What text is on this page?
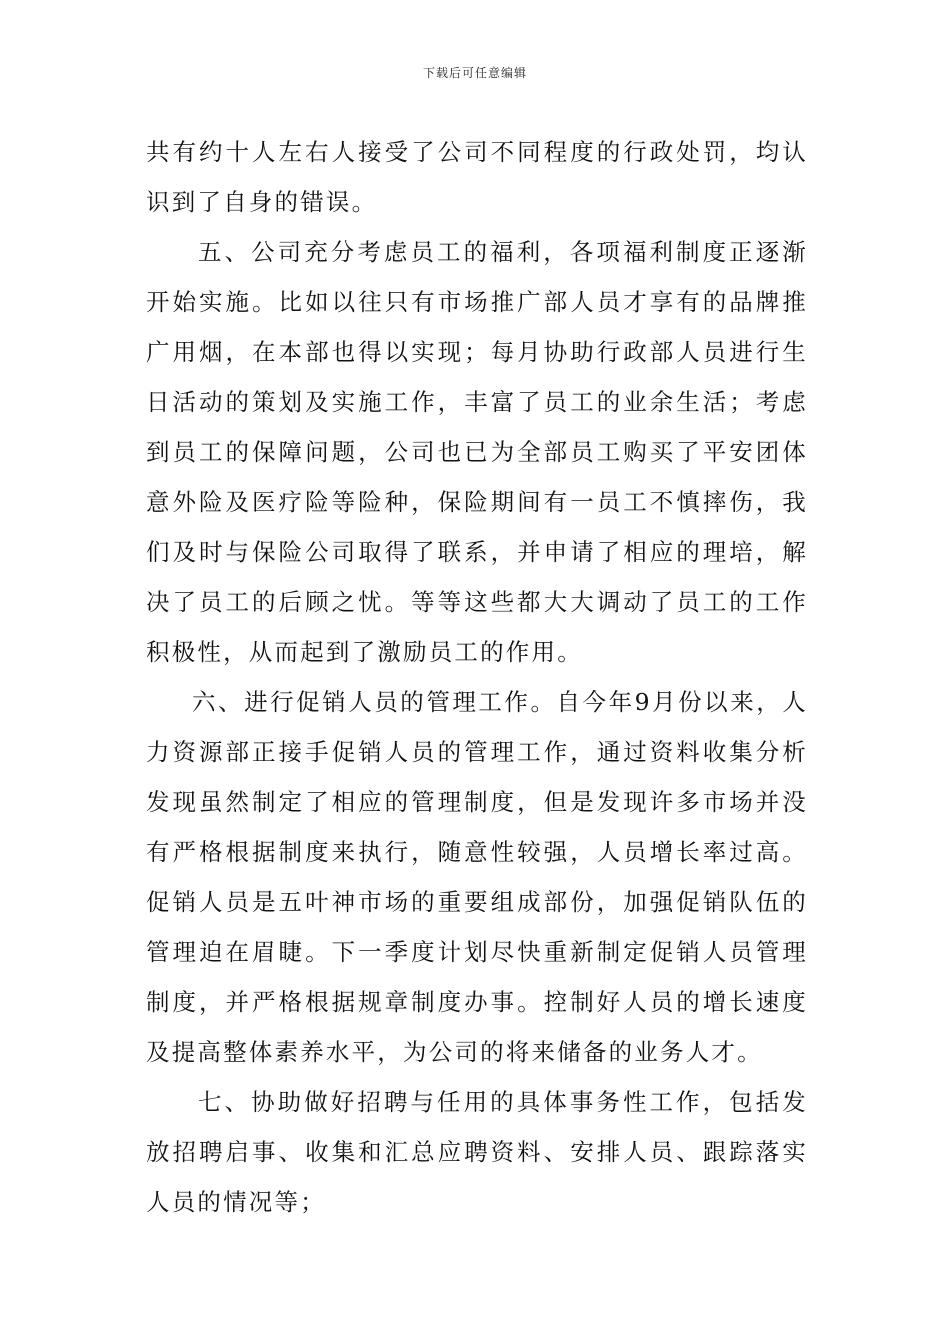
下载后可任意编辑

共有约十人左右人接受了公司不同程度的行政处罚，均认识到了自身的错误。

五、公司充分考虑员工的福利，各项福利制度正逐渐开始实施。比如以往只有市场推广部人员才享有的品牌推广用烟，在本部也得以实现；每月协助行政部人员进行生日活动的策划及实施工作，丰富了员工的业余生活；考虑到员工的保障问题，公司也已为全部员工购买了平安团体意外险及医疗险等险种，保险期间有一员工不慎摔伤，我们及时与保险公司取得了联系，并申请了相应的理培，解决了员工的后顾之忧。等等这些都大大调动了员工的工作积极性，从而起到了激励员工的作用。

六、进行促销人员的管理工作。自今年9月份以来，人力资源部正接手促销人员的管理工作，通过资料收集分析发现虽然制定了相应的管理制度，但是发现许多市场并没有严格根据制度来执行，随意性较强，人员增长率过高。促销人员是五叶神市场的重要组成部份，加强促销队伍的管理迫在眉睫。下一季度计划尽快重新制定促销人员管理制度，并严格根据规章制度办事。控制好人员的增长速度及提高整体素养水平，为公司的将来储备的业务人才。

七、协助做好招聘与任用的具体事务性工作，包括发放招聘启事、收集和汇总应聘资料、安排人员、跟踪落实人员的情况等；
